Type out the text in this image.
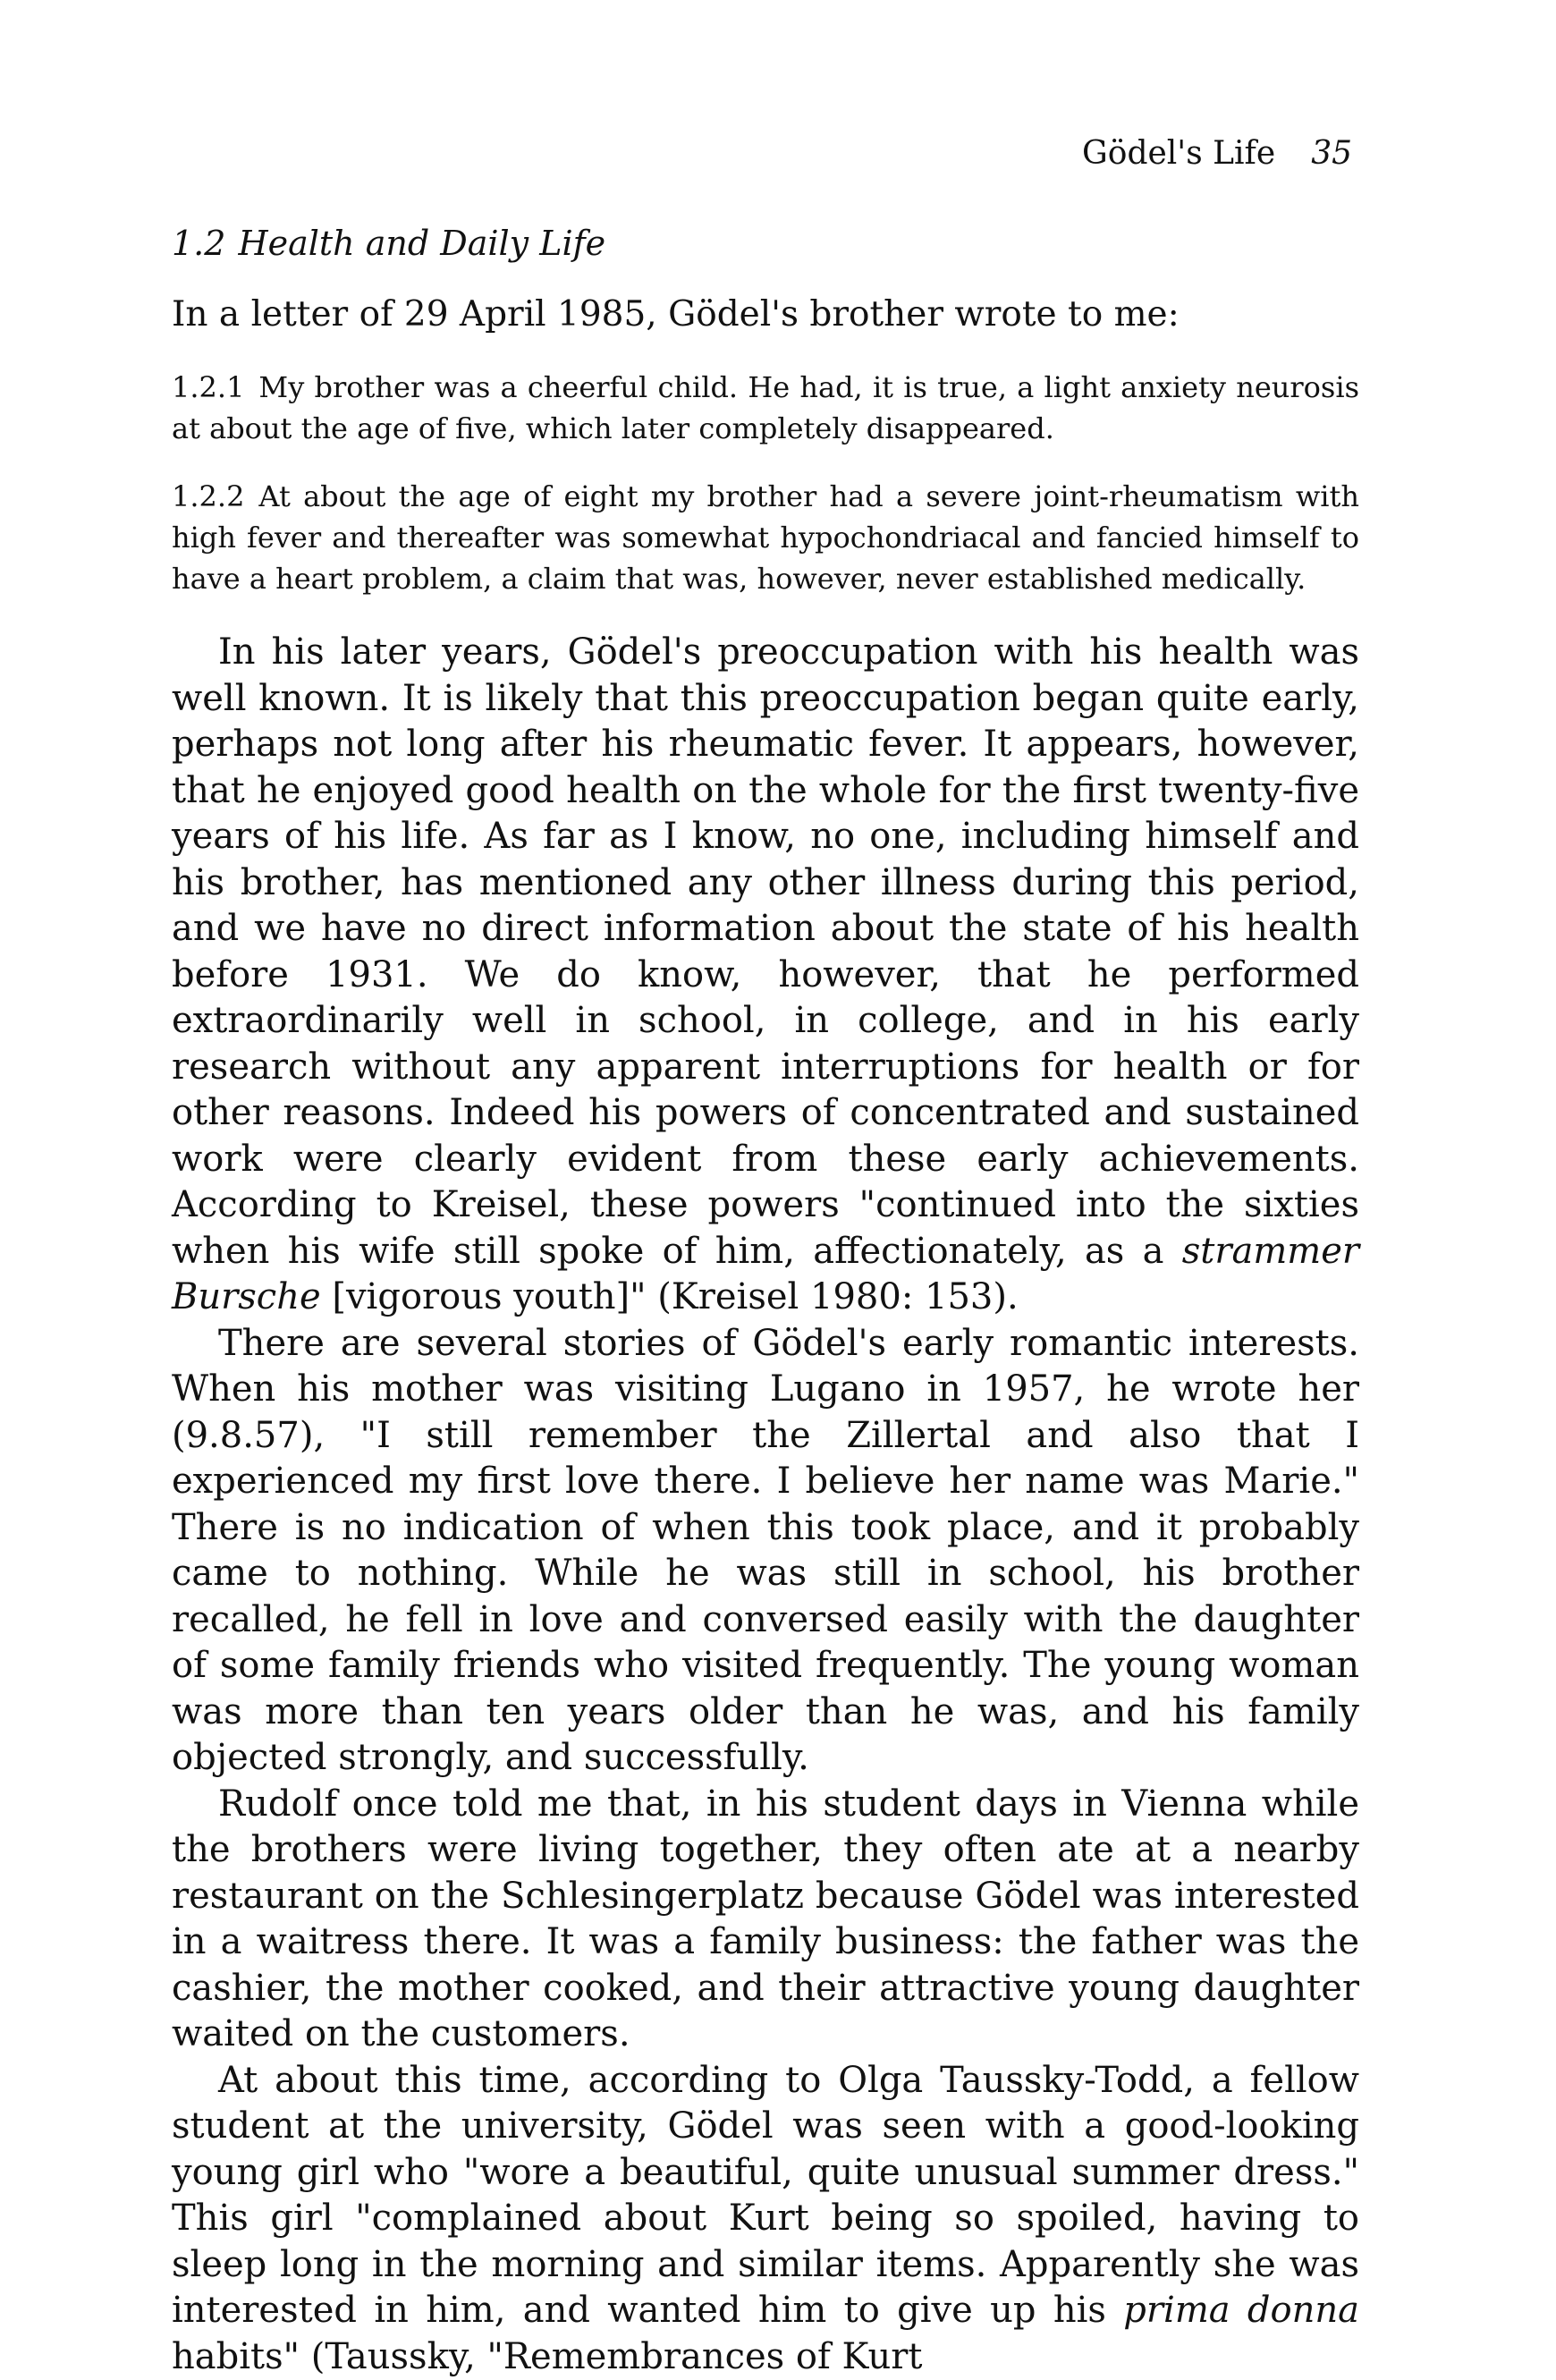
Gödel's Life 35
1.2 Health and Daily Life

In a letter of 29 April 1985, Gödel's brother wrote to me:

1.2.1 My brother was a cheerful child. He had, it is true, a light anxiety neurosis at about the age of five, which later completely disappeared.

1.2.2 At about the age of eight my brother had a severe joint-rheumatism with high fever and thereafter was somewhat hypochondriacal and fancied himself to have a heart problem, a claim that was, however, never established medically.

In his later years, Gödel's preoccupation with his health was well known. It is likely that this preoccupation began quite early, perhaps not long after his rheumatic fever. It appears, however, that he enjoyed good health on the whole for the first twenty-five years of his life. As far as I know, no one, including himself and his brother, has mentioned any other illness during this period, and we have no direct information about the state of his health before 1931. We do know, however, that he performed extraordinarily well in school, in college, and in his early research without any apparent interruptions for health or for other reasons. Indeed his powers of concentrated and sustained work were clearly evident from these early achievements. According to Kreisel, these powers "continued into the sixties when his wife still spoke of him, affectionately, as a strammer Bursche [vigorous youth]" (Kreisel 1980: 153).

There are several stories of Gödel's early romantic interests. When his mother was visiting Lugano in 1957, he wrote her (9.8.57), "I still remember the Zillertal and also that I experienced my first love there. I believe her name was Marie." There is no indication of when this took place, and it probably came to nothing. While he was still in school, his brother recalled, he fell in love and conversed easily with the daughter of some family friends who visited frequently. The young woman was more than ten years older than he was, and his family objected strongly, and successfully.

Rudolf once told me that, in his student days in Vienna while the brothers were living together, they often ate at a nearby restaurant on the Schlesingerplatz because Gödel was interested in a waitress there. It was a family business: the father was the cashier, the mother cooked, and their attractive young daughter waited on the customers.

At about this time, according to Olga Taussky-Todd, a fellow student at the university, Gödel was seen with a good-looking young girl who "wore a beautiful, quite unusual summer dress." This girl "complained about Kurt being so spoiled, having to sleep long in the morning and similar items. Apparently she was interested in him, and wanted him to give up his prima donna habits" (Taussky, "Remembrances of Kurt
